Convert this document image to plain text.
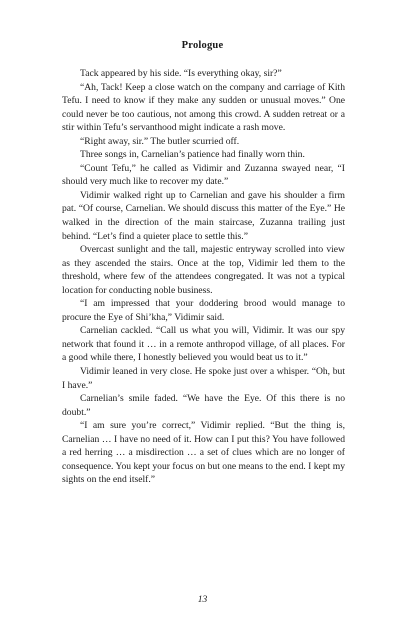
Prologue

Tack appeared by his side. “Is everything okay, sir?”

“Ah, Tack! Keep a close watch on the company and carriage of Kith Tefu. I need to know if they make any sudden or unusual moves.” One could never be too cautious, not among this crowd. A sudden retreat or a stir within Tefu’s servanthood might indicate a rash move.

“Right away, sir.” The butler scurried off.

Three songs in, Carnelian’s patience had finally worn thin.

“Count Tefu,” he called as Vidimir and Zuzanna swayed near, “I should very much like to recover my date.”

Vidimir walked right up to Carnelian and gave his shoulder a firm pat. “Of course, Carnelian. We should discuss this matter of the Eye.” He walked in the direction of the main staircase, Zuzanna trailing just behind. “Let’s find a quieter place to settle this.”

Overcast sunlight and the tall, majestic entryway scrolled into view as they ascended the stairs. Once at the top, Vidimir led them to the threshold, where few of the attendees congregated. It was not a typical location for conducting noble business.

“I am impressed that your doddering brood would manage to procure the Eye of Shi’kha,” Vidimir said.

Carnelian cackled. “Call us what you will, Vidimir. It was our spy network that found it … in a remote anthropod village, of all places. For a good while there, I honestly believed you would beat us to it.”

Vidimir leaned in very close. He spoke just over a whisper. “Oh, but I have.”

Carnelian’s smile faded. “We have the Eye. Of this there is no doubt.”

“I am sure you’re correct,” Vidimir replied. “But the thing is, Carnelian … I have no need of it. How can I put this? You have followed a red herring … a misdirection … a set of clues which are no longer of consequence. You kept your focus on but one means to the end. I kept my sights on the end itself.”

13
